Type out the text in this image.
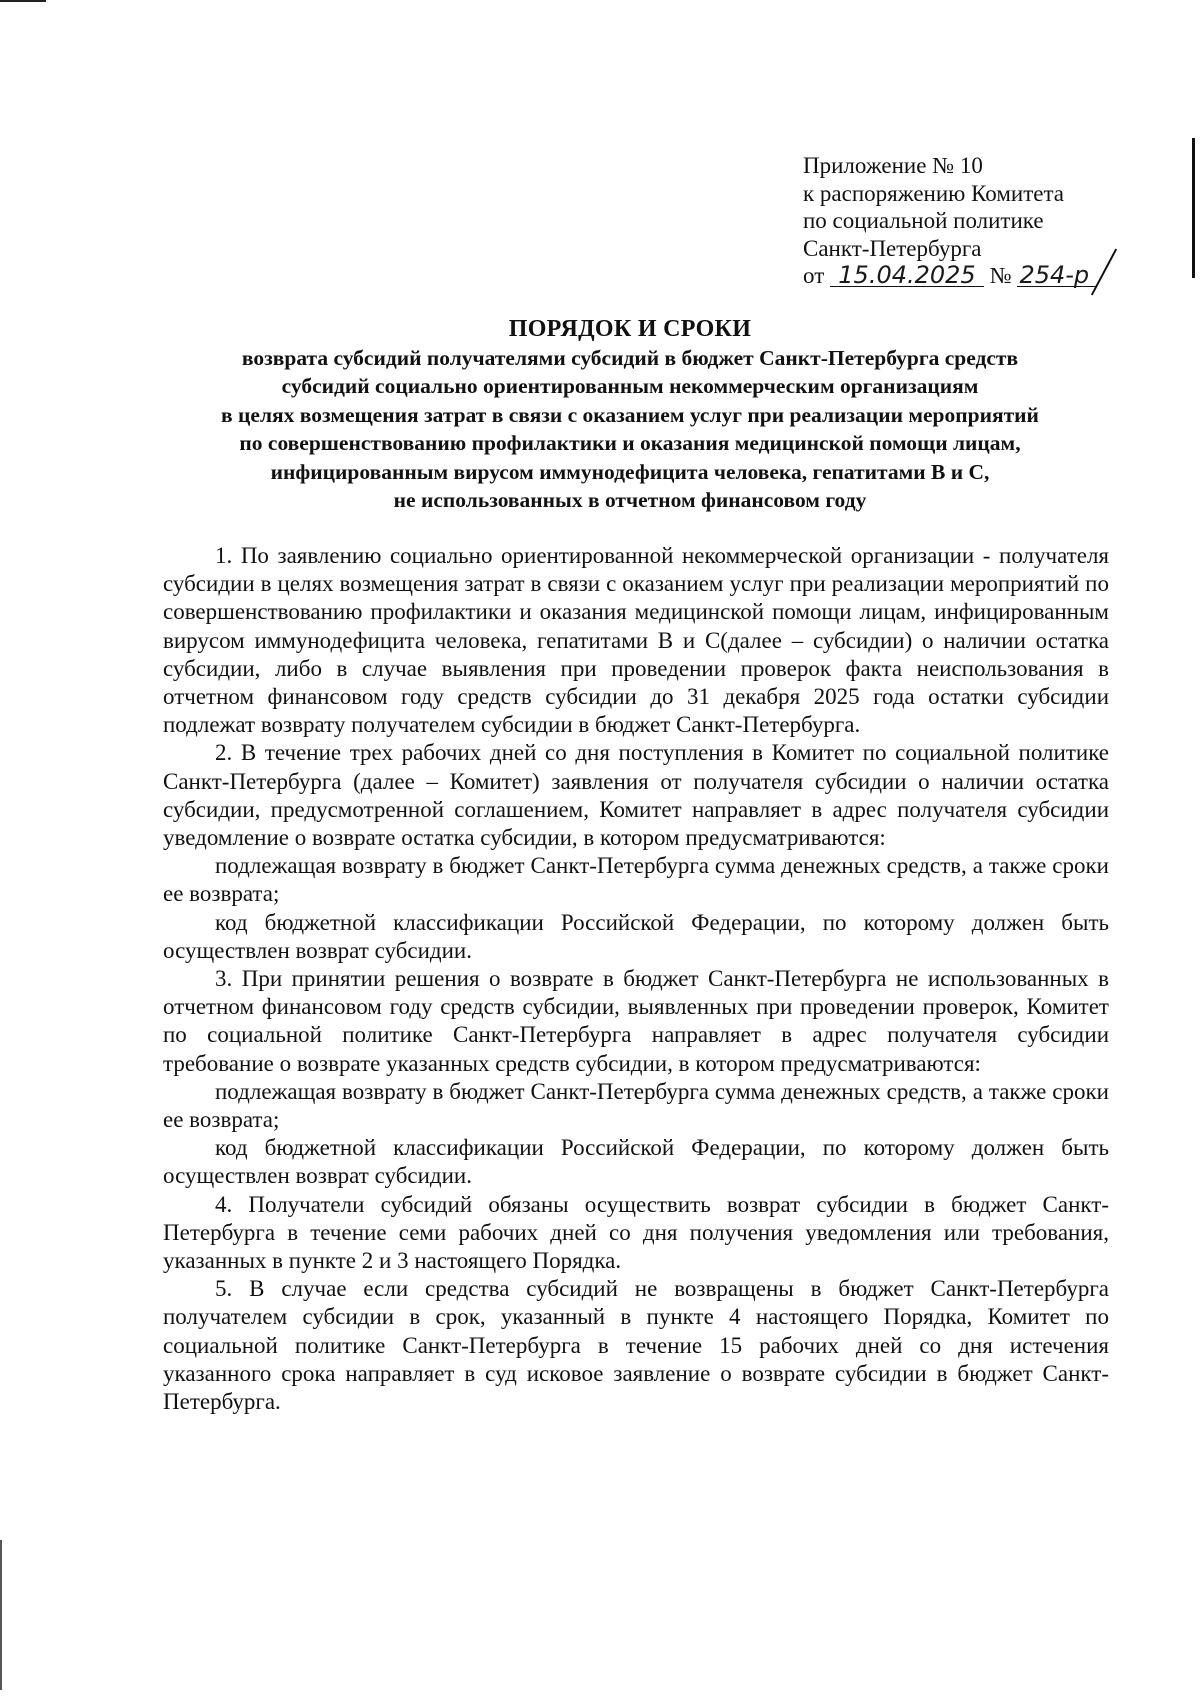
Приложение № 10
к распоряжению Комитета
по социальной политике
Санкт-Петербурга
от 15.04.2025 № 254-р
ПОРЯДОК И СРОКИ
возврата субсидий получателями субсидий в бюджет Санкт-Петербурга средств
субсидий социально ориентированным некоммерческим организациям
в целях возмещения затрат в связи с оказанием услуг при реализации мероприятий
по совершенствованию профилактики и оказания медицинской помощи лицам,
инфицированным вирусом иммунодефицита человека, гепатитами В и С,
не использованных в отчетном финансовом году

1. По заявлению социально ориентированной некоммерческой организации - получателя субсидии в целях возмещения затрат в связи с оказанием услуг при реализации мероприятий по совершенствованию профилактики и оказания медицинской помощи лицам, инфицированным вирусом иммунодефицита человека, гепатитами В и С(далее – субсидии) о наличии остатка субсидии, либо в случае выявления при проведении проверок факта неиспользования в отчетном финансовом году средств субсидии до 31 декабря 2025 года остатки субсидии подлежат возврату получателем субсидии в бюджет Санкт-Петербурга.

2. В течение трех рабочих дней со дня поступления в Комитет по социальной политике Санкт-Петербурга (далее – Комитет) заявления от получателя субсидии о наличии остатка субсидии, предусмотренной соглашением, Комитет направляет в адрес получателя субсидии уведомление о возврате остатка субсидии, в котором предусматриваются:

подлежащая возврату в бюджет Санкт-Петербурга сумма денежных средств, а также сроки ее возврата;

код бюджетной классификации Российской Федерации, по которому должен быть осуществлен возврат субсидии.

3. При принятии решения о возврате в бюджет Санкт-Петербурга не использованных в отчетном финансовом году средств субсидии, выявленных при проведении проверок, Комитет по социальной политике Санкт-Петербурга направляет в адрес получателя субсидии требование о возврате указанных средств субсидии, в котором предусматриваются:

подлежащая возврату в бюджет Санкт-Петербурга сумма денежных средств, а также сроки ее возврата;

код бюджетной классификации Российской Федерации, по которому должен быть осуществлен возврат субсидии.

4. Получатели субсидий обязаны осуществить возврат субсидии в бюджет Санкт-Петербурга в течение семи рабочих дней со дня получения уведомления или требования, указанных в пункте 2 и 3 настоящего Порядка.

5. В случае если средства субсидий не возвращены в бюджет Санкт-Петербурга получателем субсидии в срок, указанный в пункте 4 настоящего Порядка, Комитет по социальной политике Санкт-Петербурга в течение 15 рабочих дней со дня истечения указанного срока направляет в суд исковое заявление о возврате субсидии в бюджет Санкт-Петербурга.
